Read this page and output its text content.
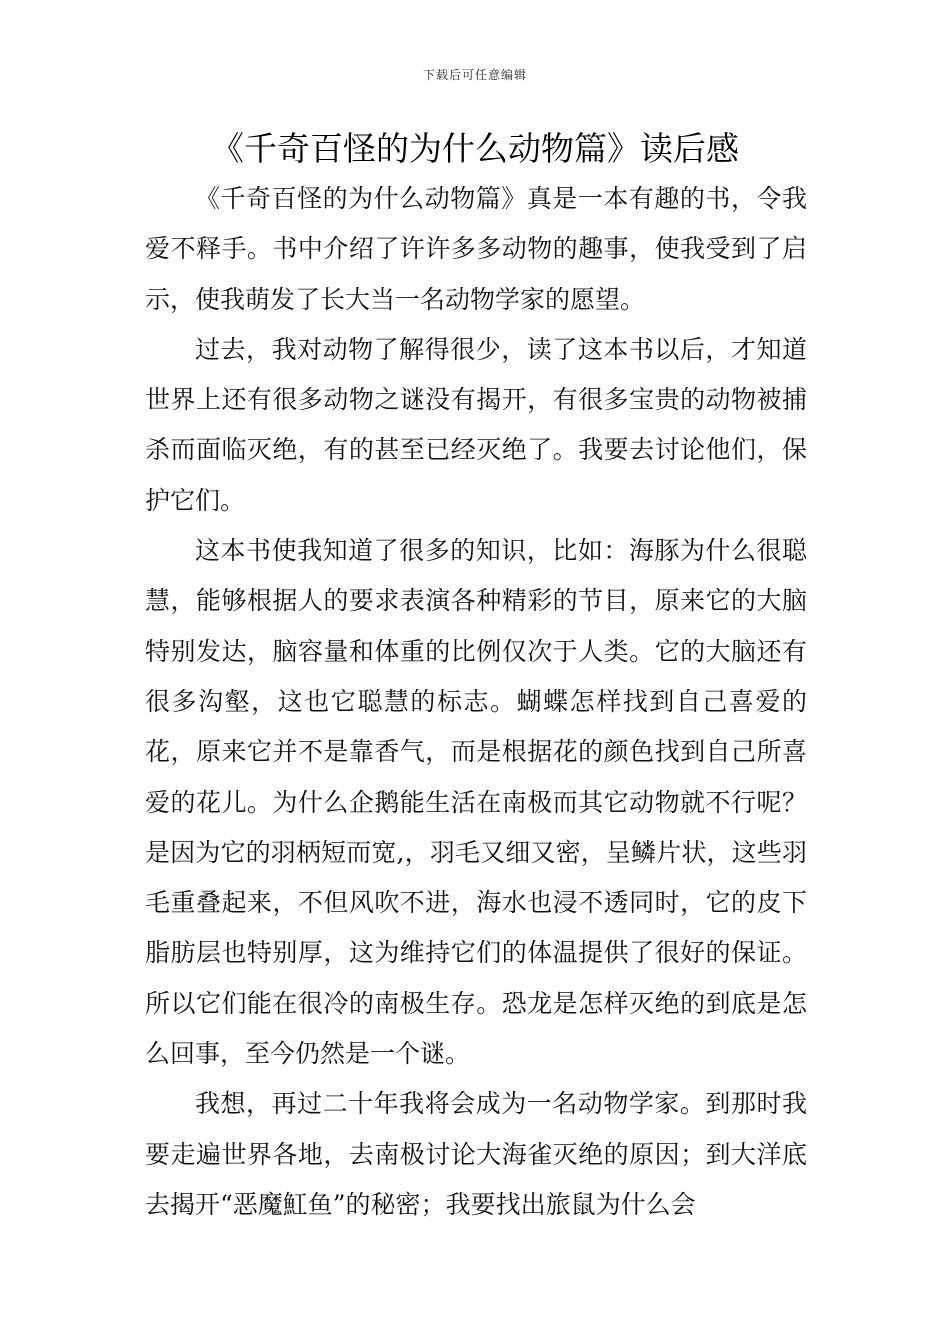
下载后可任意编辑
《千奇百怪的为什么动物篇》读后感

《千奇百怪的为什么动物篇》真是一本有趣的书，令我爱不释手。书中介绍了许许多多动物的趣事，使我受到了启示，使我萌发了长大当一名动物学家的愿望。

过去，我对动物了解得很少，读了这本书以后，才知道世界上还有很多动物之谜没有揭开，有很多宝贵的动物被捕杀而面临灭绝，有的甚至已经灭绝了。我要去讨论他们，保护它们。

这本书使我知道了很多的知识，比如：海豚为什么很聪慧，能够根据人的要求表演各种精彩的节目，原来它的大脑特别发达，脑容量和体重的比例仅次于人类。它的大脑还有很多沟壑，这也它聪慧的标志。蝴蝶怎样找到自己喜爱的花，原来它并不是靠香气，而是根据花的颜色找到自己所喜爱的花儿。为什么企鹅能生活在南极而其它动物就不行呢？是因为它的羽柄短而宽,，羽毛又细又密，呈鳞片状，这些羽毛重叠起来，不但风吹不进，海水也浸不透同时，它的皮下脂肪层也特别厚，这为维持它们的体温提供了很好的保证。所以它们能在很冷的南极生存。恐龙是怎样灭绝的到底是怎么回事，至今仍然是一个谜。

我想，再过二十年我将会成为一名动物学家。到那时我要走遍世界各地，去南极讨论大海雀灭绝的原因；到大洋底去揭开“恶魔魟鱼”的秘密；我要找出旅鼠为什么会
